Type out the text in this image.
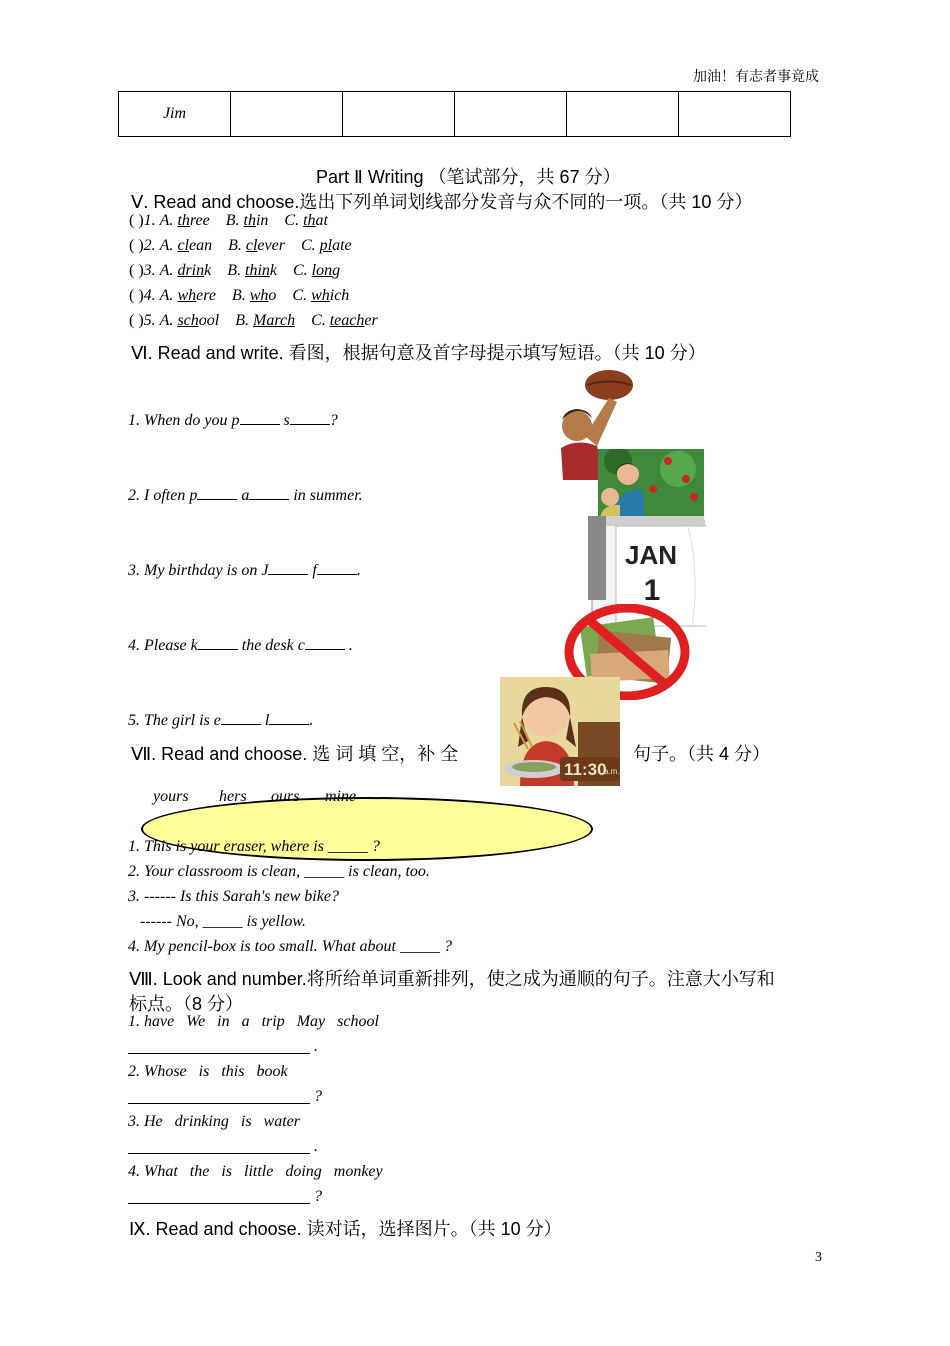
加油！有志者事竟成
Jim					
Part Ⅱ Writing （笔试部分，共 67 分）
Ⅴ. Read and choose.选出下列单词划线部分发音与众不同的一项。（共 10 分）
( )1. A. three B. thin C. that
( )2. A. clean B. clever C. plate
( )3. A. drink B. think C. long
( )4. A. where B. who C. which
( )5. A. school B. March C. teacher
Ⅵ. Read and write. 看图，根据句意及首字母提示填写短语。（共 10 分）
1. When do you p	s	?
2. I often p	a	in summer.
3. My birthday is on J	f	.
4. Please k	the desk c	.
5. The girl is e	l	.
JAN
1
11:30
a.m.
Ⅶ. Read and choose. 选 词 填 空，补 全	句子。（共 4 分）
yours hers ours mine
1. This is your eraser, where is _____ ?
2. Your classroom is clean, _____ is clean, too.
3. ------ Is this Sarah's new bike?
------ No, _____ is yellow.
4. My pencil-box is too small. What about _____ ?
Ⅷ. Look and number.将所给单词重新排列，使之成为通顺的句子。注意大小写和
标点。（8 分）
1. have   We   in   a   trip   May   school
.
2. Whose   is   this   book
?
3. He   drinking   is   water
.
4. What   the   is   little   doing   monkey
?
Ⅸ. Read and choose. 读对话，选择图片。（共 10 分）
3
